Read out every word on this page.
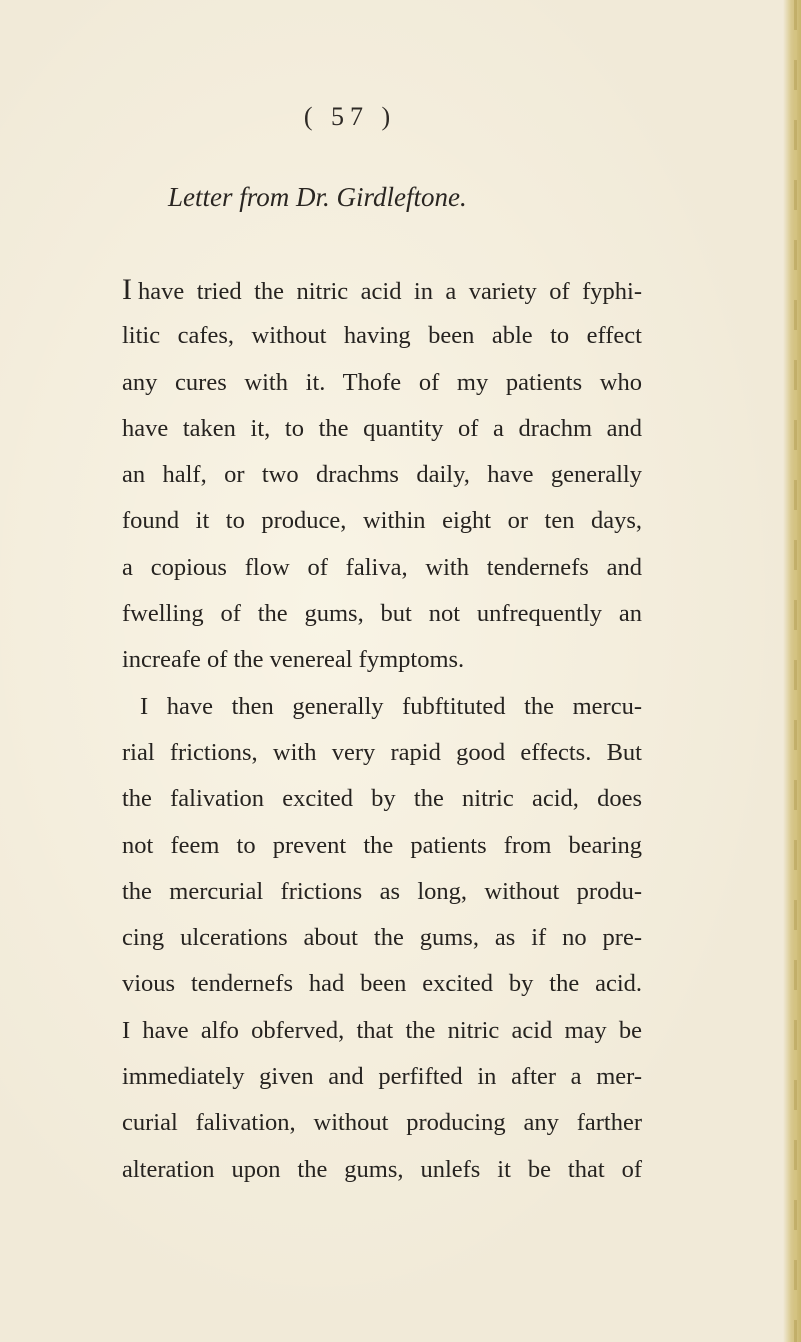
( 57 )
Letter from Dr. Girdleftone.
I have tried the nitric acid in a variety of fyphi-
litic cafes, without having been able to effect
any cures with it. Thofe of my patients who
have taken it, to the quantity of a drachm and
an half, or two drachms daily, have generally
found it to produce, within eight or ten days,
a copious flow of faliva, with tendernefs and
fwelling of the gums, but not unfrequently an
increafe of the venereal fymptoms.
I have then generally fubftituted the mercu-
rial frictions, with very rapid good effects. But
the falivation excited by the nitric acid, does
not feem to prevent the patients from bearing
the mercurial frictions as long, without produ-
cing ulcerations about the gums, as if no pre-
vious tendernefs had been excited by the acid.
I have alfo obferved, that the nitric acid may be
immediately given and perfifted in after a mer-
curial falivation, without producing any farther
alteration upon the gums, unlefs it be that of
